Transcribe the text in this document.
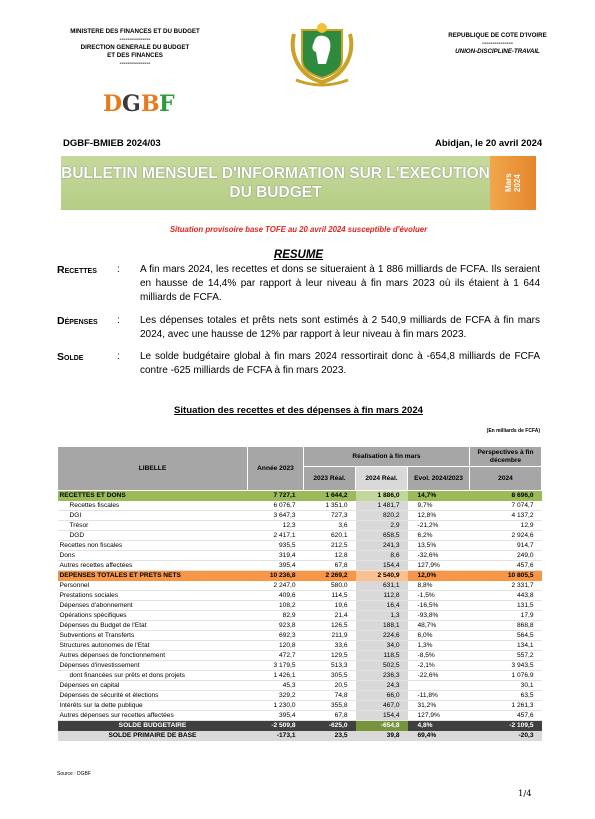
MINISTERE DES FINANCES ET DU BUDGET
---------------
DIRECTION GENERALE DU BUDGET
ET DES FINANCES
---------------
REPUBLIQUE DE COTE D'IVOIRE
---------------
UNION-DISCIPLINE-TRAVAIL
D G B F
DGBF-BMIEB 2024/03	Abidjan, le 20 avril 2024
BULLETIN MENSUEL D'INFORMATION SUR L'EXECUTION
DU BUDGET
Mars
2024
Situation provisoire base TOFE au 20 avril 2024 susceptible d'évoluer
RESUME
Recettes	:	A fin mars 2024, les recettes et dons se situeraient à 1 886 milliards de FCFA. Ils seraient en hausse de 14,4% par rapport à leur niveau à fin mars 2023 où ils étaient à 1 644 milliards de FCFA.
Dépenses	:	Les dépenses totales et prêts nets sont estimés à 2 540,9 milliards de FCFA à fin mars 2024, avec une hausse de 12% par rapport à leur niveau à fin mars 2023.
Solde	:	Le solde budgétaire global à fin mars 2024 ressortirait donc à -654,8 milliards de FCFA contre -625 milliards de FCFA à fin mars 2023.
Situation des recettes et des dépenses à fin mars 2024
(En milliards de FCFA)
LIBELLE	Année 2023	Réalisation à fin mars			Perspectives à fin décembre
		2023 Réal.	2024 Réal.	Evol. 2024/2023	2024
RECETTES ET DONS	7 727,1	1 644,2	1 886,0	14,7%	8 696,0
Recettes fiscales	6 076,7	1 351,0	1 481,7	9,7%	7 074,7
DGI	3 647,3	727,3	820,2	12,8%	4 137,2
Trésor	12,3	3,6	2,9	-21,2%	12,9
DGD	2 417,1	620,1	658,5	6,2%	2 924,6
Recettes non fiscales	935,5	212,5	241,3	13,5%	914,7
Dons	319,4	12,8	8,6	-32,6%	249,0
Autres recettes affectées	395,4	67,8	154,4	127,9%	457,6
DEPENSES TOTALES ET PRETS NETS	10 236,8	2 269,2	2 540,9	12,0%	10 805,5
Personnel	2 247,0	580,0	631,1	8,8%	2 331,7
Prestations sociales	409,6	114,5	112,8	-1,5%	443,8
Dépenses d'abonnement	108,2	19,6	16,4	-16,5%	131,5
Opérations spécifiques	82,9	21,4	1,3	-93,8%	17,9
Dépenses du Budget de l'Etat	923,8	126,5	188,1	48,7%	868,8
Subventions et Transferts	692,3	211,9	224,6	6,0%	564,5
Structures autonomes de l'Etat	120,8	33,6	34,0	1,3%	134,1
Autres dépenses de fonctionnement	472,7	129,5	118,5	-8,5%	557,2
Dépenses d'investissement	3 179,5	513,3	502,5	-2,1%	3 943,5
dont financées sur prêts et dons projets	1 426,1	305,5	236,3	-22,6%	1 076,9
Dépenses en capital	45,3	20,5	24,3		30,1
Dépenses de sécurité et élections	329,2	74,8	66,0	-11,8%	63,5
Intérêts sur la dette publique	1 230,0	355,8	467,0	31,2%	1 261,3
Autres dépenses sur recettes affectées	395,4	67,8	154,4	127,9%	457,6
SOLDE BUDGETAIRE	-2 509,8	-625,0	-654,8	4,8%	-2 109,5
SOLDE PRIMAIRE DE BASE	-173,1	23,5	39,8	69,4%	-20,3
Source : DGBF
1/4
